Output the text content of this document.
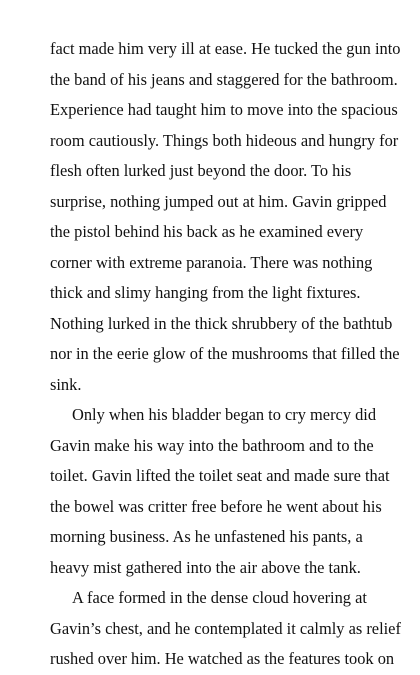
fact made him very ill at ease. He tucked the gun into
the band of his jeans and staggered for the bathroom.
Experience had taught him to move into the spacious
room cautiously. Things both hideous and hungry for
flesh often lurked just beyond the door. To his
surprise, nothing jumped out at him. Gavin gripped
the pistol behind his back as he examined every
corner with extreme paranoia. There was nothing
thick and slimy hanging from the light fixtures.
Nothing lurked in the thick shrubbery of the bathtub
nor in the eerie glow of the mushrooms that filled the
sink.

Only when his bladder began to cry mercy did
Gavin make his way into the bathroom and to the
toilet. Gavin lifted the toilet seat and made sure that
the bowel was critter free before he went about his
morning business. As he unfastened his pants, a
heavy mist gathered into the air above the tank.

A face formed in the dense cloud hovering at
Gavin’s chest, and he contemplated it calmly as relief
rushed over him. He watched as the features took on
